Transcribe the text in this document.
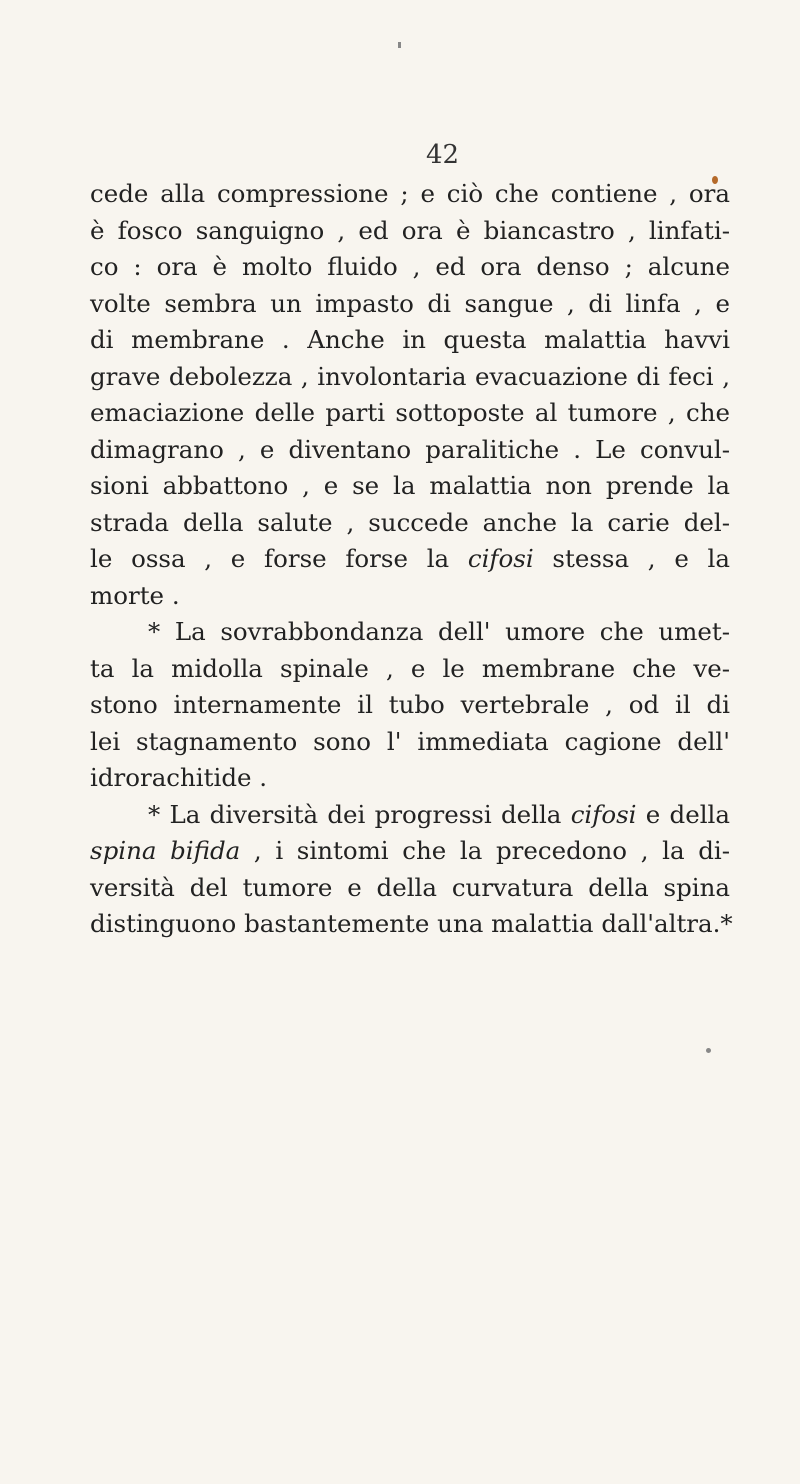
42
cede alla compressione ; e ciò che contiene , ora
è fosco sanguigno , ed ora è biancastro , linfati-
co : ora è molto fluido , ed ora denso ; alcune
volte sembra un impasto di sangue , di linfa , e
di membrane . Anche in questa malattia havvi
grave debolezza , involontaria evacuazione di feci ,
emaciazione delle parti sottoposte al tumore , che
dimagrano , e diventano paralitiche . Le convul-
sioni abbattono , e se la malattia non prende la
strada della salute , succede anche la carie del-
le ossa , e forse forse la cifosi stessa , e la
morte .
* La sovrabbondanza dell' umore che umet-
ta la midolla spinale , e le membrane che ve-
stono internamente il tubo vertebrale , od il di
lei stagnamento sono l' immediata cagione dell'
idrorachitide .
* La diversità dei progressi della cifosi e della
spina bifida , i sintomi che la precedono , la di-
versità del tumore e della curvatura della spina
distinguono bastantemente una malattia dall'altra.*
